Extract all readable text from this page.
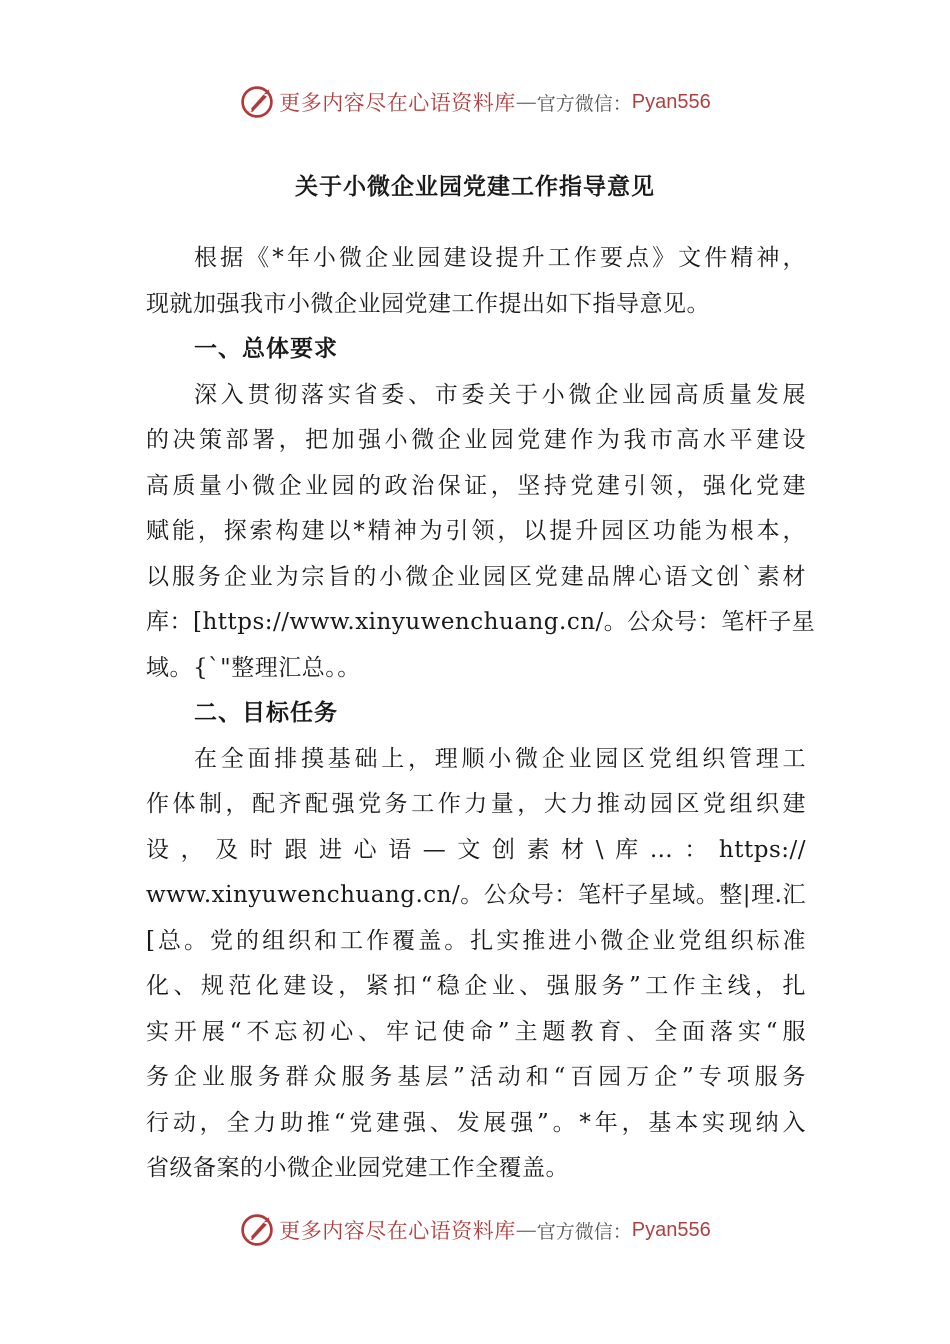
更多内容尽在心语资料库 — 官方微信： Pyan556
关于小微企业园党建工作指导意见
根据《*年小微企业园建设提升工作要点》文件精神，
现就加强我市小微企业园党建工作提出如下指导意见。
一、总体要求
深入贯彻落实省委、市委关于小微企业园高质量发展
的决策部署，把加强小微企业园党建作为我市高水平建设
高质量小微企业园的政治保证，坚持党建引领，强化党建
赋能，探索构建以*精神为引领，以提升园区功能为根本，
以服务企业为宗旨的小微企业园区党建品牌心语文创`素材
库：[https://www.xinyuwenchuang.cn/。公众号：笔杆子星
域。{`"整理汇总。。
二、目标任务
在全面排摸基础上，理顺小微企业园区党组织管理工
作体制，配齐配强党务工作力量，大力推动园区党组织建
设，及时跟进心语—文创素材\库…：https://
www.xinyuwenchuang.cn/。公众号：笔杆子星域。整|理.汇
[总。党的组织和工作覆盖。扎实推进小微企业党组织标准
化、规范化建设，紧扣“稳企业、强服务”工作主线，扎
实开展“不忘初心、牢记使命”主题教育、全面落实“服
务企业服务群众服务基层”活动和“百园万企”专项服务
行动，全力助推“党建强、发展强”。*年，基本实现纳入
省级备案的小微企业园党建工作全覆盖。
更多内容尽在心语资料库 — 官方微信： Pyan556
